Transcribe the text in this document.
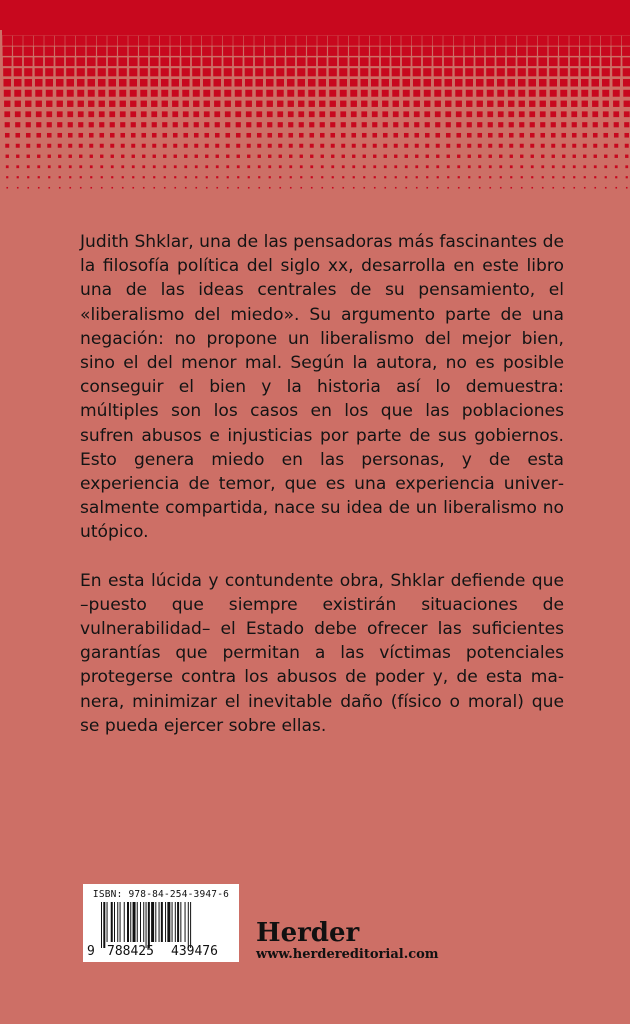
Judith Shklar, una de las pensadoras más fascinantes de la filosofía política del siglo xx, desarrolla en este libro una de las ideas centrales de su pensamiento, el «liberalismo del miedo». Su argumento parte de una negación: no propone un liberalismo del mejor bien, sino el del menor mal. Según la autora, no es posible conseguir el bien y la historia así lo demuestra: múltiples son los casos en los que las poblaciones sufren abusos e injusticias por parte de sus gobiernos. Esto genera miedo en las personas, y de esta experiencia de temor, que es una experiencia universalmente compartida, nace su idea de un liberalismo no utópico.

En esta lúcida y contundente obra, Shklar defiende que –puesto que siempre existirán situaciones de vulnerabilidad– el Estado debe ofrecer las suficientes garantías que permitan a las víctimas potenciales protegerse contra los abusos de poder y, de esta manera, minimizar el inevitable daño (físico o moral) que se pueda ejercer sobre ellas.

ISBN: 978-84-254-3947-6
9 788425 439476
Herder
www.herdereditorial.com
